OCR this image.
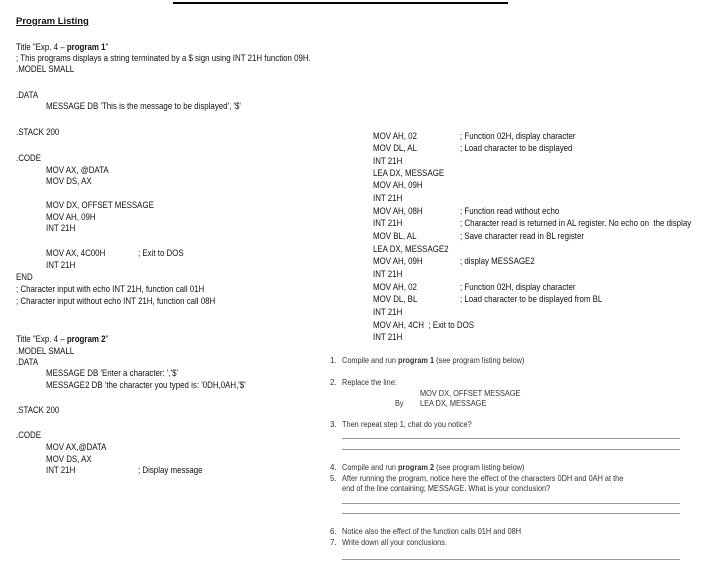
Program Listing
Title "Exp. 4 – program 1"
; This programs displays a string terminated by a $ sign using INT 21H function 09H.
.MODEL SMALL
.DATA
MESSAGE DB 'This is the message to be displayed', '$'
.STACK 200
.CODE
MOV AX, @DATA
MOV DS, AX
MOV DX, OFFSET MESSAGE
MOV AH, 09H
INT 21H
MOV AX, 4C00H	; Exit to DOS
INT 21H
END
; Character input with echo INT 21H, function call 01H
; Character input without echo INT 21H, function call 08H
Title "Exp. 4 – program 2"
.MODEL SMALL
.DATA
MESSAGE DB 'Enter a character: ','$'
MESSAGE2 DB 'the character you typed is: '0DH,0AH,'$'
.STACK 200
.CODE
MOV AX,@DATA
MOV DS, AX
INT 21H	; Display message
MOV AH, 02	; Function 02H, display character
MOV DL, AL	; Load character to be displayed
INT 21H
LEA DX, MESSAGE
MOV AH, 09H
INT 21H
MOV AH, 08H	; Function read without echo
INT 21H	; Character read is returned in AL register. No echo on  the display
MOV BL, AL	; Save character read in BL register
LEA DX, MESSAGE2
MOV AH, 09H	; display MESSAGE2
INT 21H
MOV AH, 02	; Function 02H, display character
MOV DL, BL	; Load character to be displayed from BL
INT 21H
MOV AH, 4CH  ; Exit to DOS
INT 21H
1. Compile and run program 1 (see program listing below)
2. Replace the line:
MOV DX, OFFSET MESSAGE
By LEA DX, MESSAGE
3. Then repeat step 1, chat do you notice?
4. Compile and run program 2 (see program listing below)
5. After running the program, notice here the effect of the characters 0DH and 0AH at the
end of the line containing; MESSAGE. What is your conclusion?
6. Notice also the effect of the function calls 01H and 08H
7. Write down all your conclusions.
